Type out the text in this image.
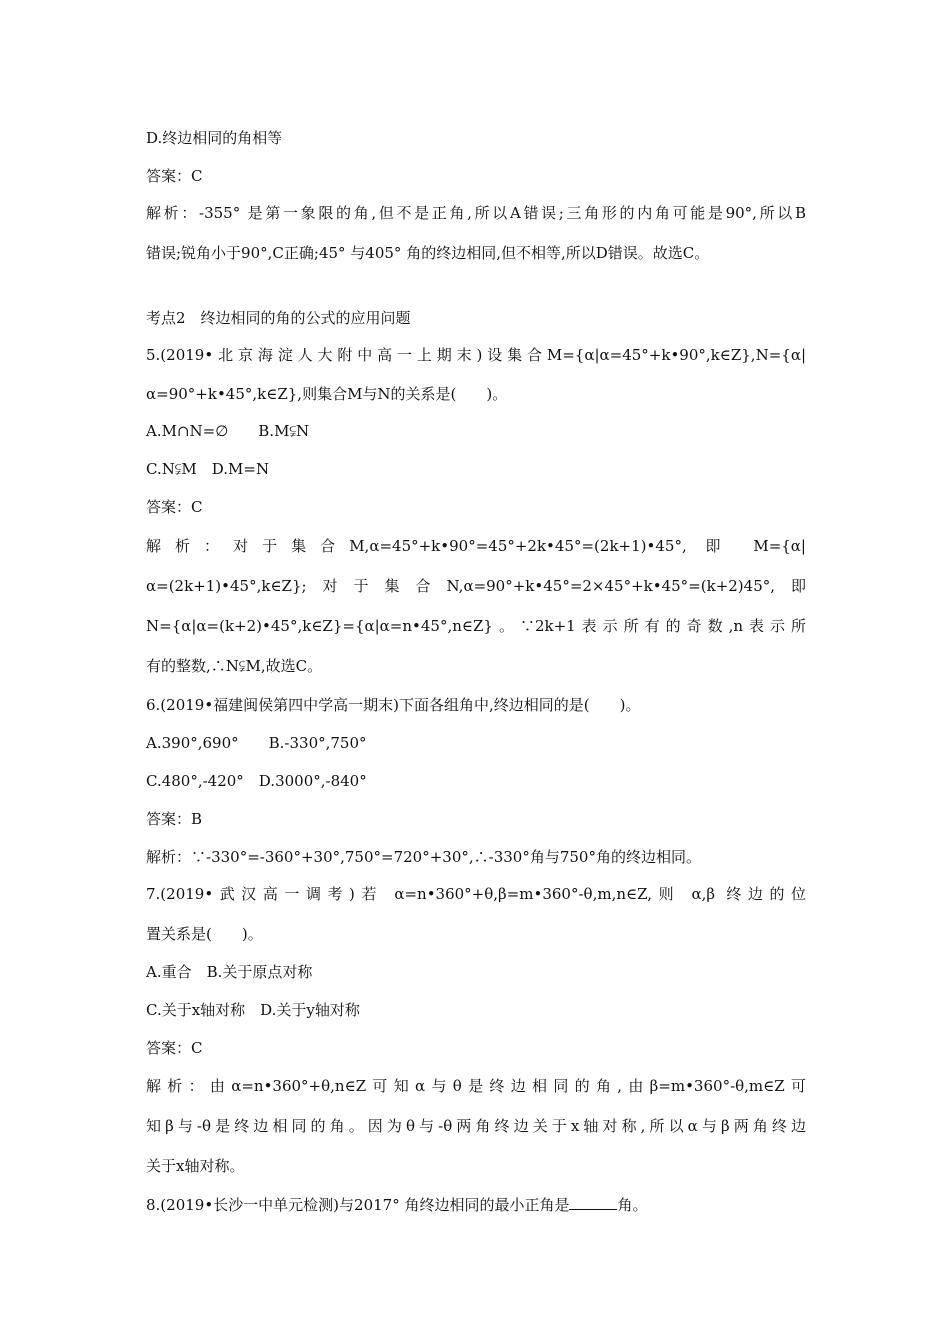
D.终边相同的角相等
答案：C
解析：-355° 是第一象限的角,但不是正角,所以A错误;三角形的内角可能是90°,所以B
错误;锐角小于90°,C正确;45° 与405° 角的终边相同,但不相等,所以D错误。故选C。
考点2　终边相同的角的公式的应用问题
5.(2019•北京海淀人大附中高一上期末)设集合M={α|α=45°+k•90°,k∈Z},N={α|
α=90°+k•45°,k∈Z},则集合M与N的关系是(　　)。
A.M∩N=∅　　B.M⫋N
C.N⫋M　D.M=N
答案：C
解析：对于集合M,α=45°+k•90°=45°+2k•45°=(2k+1)•45°, 即 M={α|
α=(2k+1)•45°,k∈Z};对于集合N,α=90°+k•45°=2×45°+k•45°=(k+2)45°,即
N={α|α=(k+2)•45°,k∈Z}={α|α=n•45°,n∈Z}。∵2k+1表示所有的奇数,n表示所
有的整数,∴N⫋M,故选C。
6.(2019•福建闽侯第四中学高一期末)下面各组角中,终边相同的是(　　)。
A.390°,690°　　B.-330°,750°
C.480°,-420°　D.3000°,-840°
答案：B
解析：∵-330°=-360°+30°,750°=720°+30°,∴-330°角与750°角的终边相同。
7.(2019•武汉高一调考)若 α=n•360°+θ,β=m•360°-θ,m,n∈Z,则 α,β 终边的位
置关系是(　　)。
A.重合　B.关于原点对称
C.关于x轴对称　D.关于y轴对称
答案：C
解析：由α=n•360°+θ,n∈Z可知α与θ是终边相同的角,由β=m•360°-θ,m∈Z可
知β与-θ是终边相同的角。因为θ与-θ两角终边关于x轴对称,所以α与β两角终边
关于x轴对称。
8.(2019•长沙一中单元检测)与2017° 角终边相同的最小正角是	角。
